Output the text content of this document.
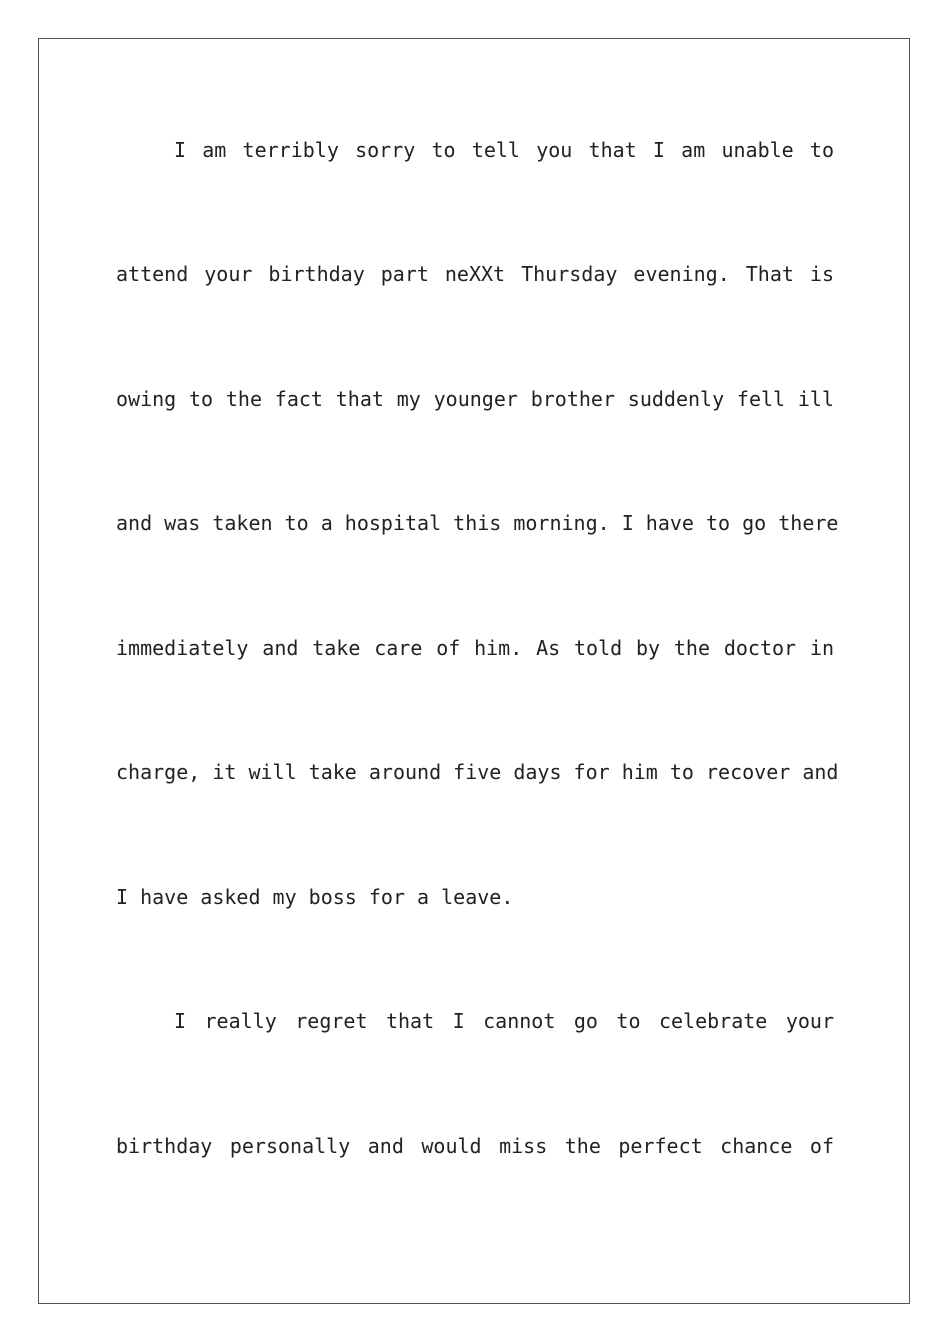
I am terribly sorry to tell you that I am unable to
attend your birthday part neXXt Thursday evening. That is
owing to the fact that my younger brother suddenly fell ill
and was taken to a hospital this morning. I have to go there
immediately and take care of him. As told by the doctor in
charge, it will take around five days for him to recover and
I have asked my boss for a leave.
I really regret that I cannot go to celebrate your
birthday personally and would miss the perfect chance of
